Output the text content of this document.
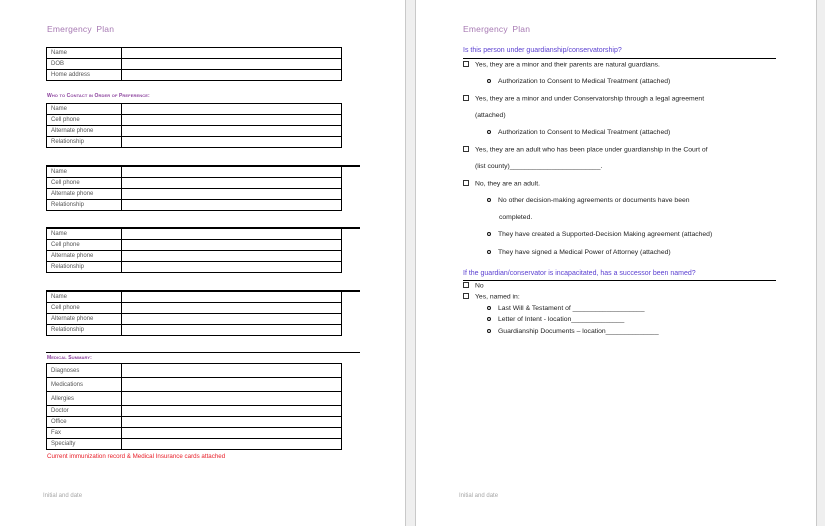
Emergency Plan
Name	
DOB	
Home address	
Who to Contact in Order of Preference:
Name	
Cell phone	
Alternate phone	
Relationship	
Name	
Cell phone	
Alternate phone	
Relationship	
Name	
Cell phone	
Alternate phone	
Relationship	
Name	
Cell phone	
Alternate phone	
Relationship	
Medical Summary:
Diagnoses	
Medications	
Allergies	
Doctor	
Office	
Fax	
Specialty	
Current immunization record & Medical Insurance cards attached
Initial and date
Emergency Plan
Is this person under guardianship/conservatorship?
Yes, they are a minor and their parents are natural guardians.
Authorization to Consent to Medical Treatment (attached)
Yes, they are a minor and under Conservatorship through a legal agreement
(attached)
Authorization to Consent to Medical Treatment (attached)
Yes, they are an adult who has been place under guardianship in the Court of
(list county)________________________.
No, they are an adult.
No other decision-making agreements or documents have been
completed.
They have created a Supported-Decision Making agreement (attached)
They have signed a Medical Power of Attorney (attached)
If the guardian/conservator is incapacitated, has a successor been named?
No
Yes, named in:
Last Will & Testament of ___________________
Letter of Intent - location______________
Guardianship Documents – location______________
Initial and date
